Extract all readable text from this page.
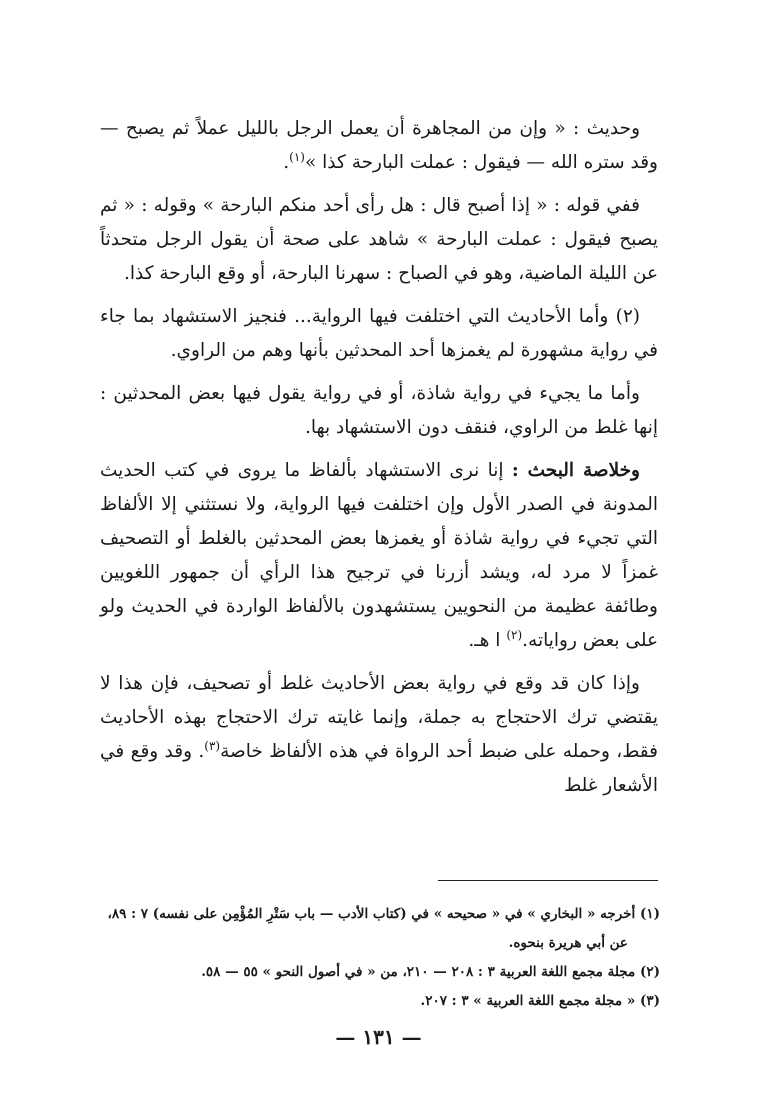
وحديث : « وإن من المجاهرة أن يعمل الرجل بالليل عملاً ثم يصبح — وقد ستره الله — فيقول : عملت البارحة كذا »$^{(١)}$.

ففي قوله : « إذا أصبح قال : هل رأى أحد منكم البارحة » وقوله : « ثم يصبح فيقول : عملت البارحة » شاهد على صحة أن يقول الرجل متحدثاً عن الليلة الماضية، وهو في الصباح : سهرنا البارحة، أو وقع البارحة كذا.

(٢) وأما الأحاديث التي اختلفت فيها الرواية... فنجيز الاستشهاد بما جاء في رواية مشهورة لم يغمزها أحد المحدثين بأنها وهم من الراوي.

وأما ما يجيء في رواية شاذة، أو في رواية يقول فيها بعض المحدثين : إنها غلط من الراوي، فنقف دون الاستشهاد بها.

وخلاصة البحث : إنا نرى الاستشهاد بألفاظ ما يروى في كتب الحديث المدونة في الصدر الأول وإن اختلفت فيها الرواية، ولا نستثني إلا الألفاظ التي تجيء في رواية شاذة أو يغمزها بعض المحدثين بالغلط أو التصحيف غمزاً لا مرد له، ويشد أزرنا في ترجيح هذا الرأي أن جمهور اللغويين وطائفة عظيمة من النحويين يستشهدون بالألفاظ الواردة في الحديث ولو على بعض رواياته.$^{(٢)}$ ا هـ.

وإذا كان قد وقع في رواية بعض الأحاديث غلط أو تصحيف، فإن هذا لا يقتضي ترك الاحتجاج به جملة، وإنما غايته ترك الاحتجاج بهذه الأحاديث فقط، وحمله على ضبط أحد الرواة في هذه الألفاظ خاصة$^{(٣)}$. وقد وقع في الأشعار غلط

(١) أخرجه « البخاري » في « صحيحه » في (كتاب الأدب — باب سَتْرِ المُؤْمِن على نفسه) ٧ : ٨٩،

عن أبي هريرة بنحوه.

(٢) مجلة مجمع اللغة العربية ٣ : ٢٠٨ — ٢١٠، من « في أصول النحو » ٥٥ — ٥٨.

(٣) « مجلة مجمع اللغة العربية » ٣ : ٢٠٧.

— ١٣١ —
